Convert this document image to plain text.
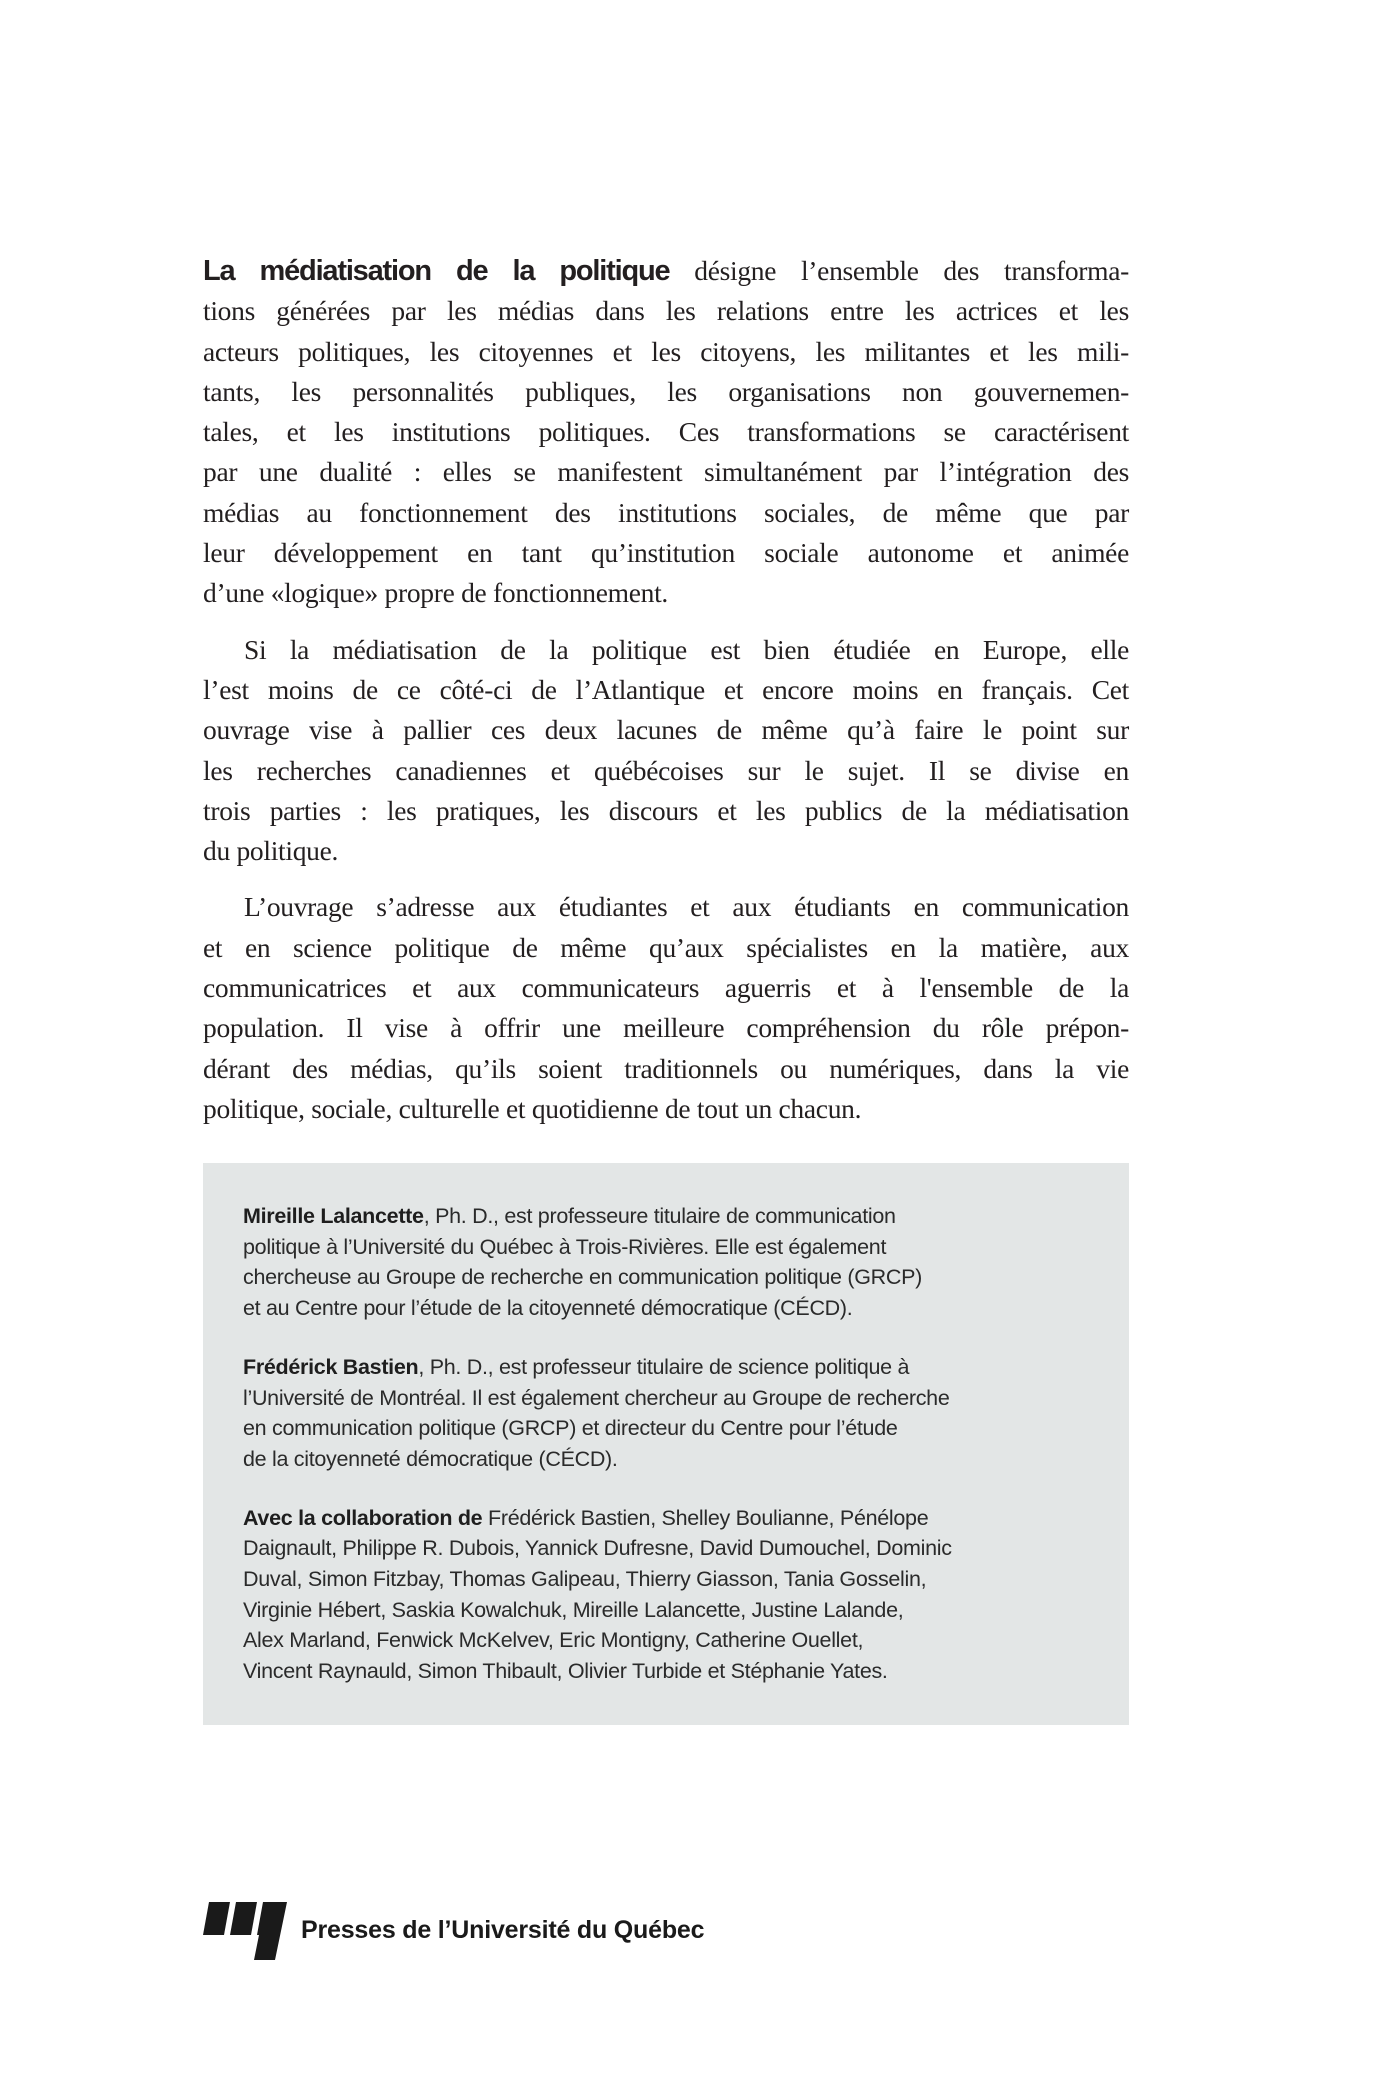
La médiatisation de la politique désigne l’ensemble des transforma-
tions générées par les médias dans les relations entre les actrices et les
acteurs politiques, les citoyennes et les citoyens, les militantes et les mili-
tants, les personnalités publiques, les organisations non gouvernemen-
tales, et les institutions politiques. Ces transformations se caractérisent
par une dualité : elles se manifestent simultanément par l’intégration des
médias au fonctionnement des institutions sociales, de même que par
leur développement en tant qu’institution sociale autonome et animée
d’une «logique» propre de fonctionnement.
Si la médiatisation de la politique est bien étudiée en Europe, elle
l’est moins de ce côté-ci de l’Atlantique et encore moins en français. Cet
ouvrage vise à pallier ces deux lacunes de même qu’à faire le point sur
les recherches canadiennes et québécoises sur le sujet. Il se divise en
trois parties : les pratiques, les discours et les publics de la médiatisation
du politique.
L’ouvrage s’adresse aux étudiantes et aux étudiants en communication
et en science politique de même qu’aux spécialistes en la matière, aux
communicatrices et aux communicateurs aguerris et à l'ensemble de la
population. Il vise à offrir une meilleure compréhension du rôle prépon-
dérant des médias, qu’ils soient traditionnels ou numériques, dans la vie
politique, sociale, culturelle et quotidienne de tout un chacun.
Mireille Lalancette, Ph. D., est professeure titulaire de communication
politique à l’Université du Québec à Trois-Rivières. Elle est également
chercheuse au Groupe de recherche en communication politique (GRCP)
et au Centre pour l’étude de la citoyenneté démocratique (CÉCD).
Frédérick Bastien, Ph. D., est professeur titulaire de science politique à
l’Université de Montréal. Il est également chercheur au Groupe de recherche
en communication politique (GRCP) et directeur du Centre pour l’étude
de la citoyenneté démocratique (CÉCD).
Avec la collaboration de Frédérick Bastien, Shelley Boulianne, Pénélope
Daignault, Philippe R. Dubois, Yannick Dufresne, David Dumouchel, Dominic
Duval, Simon Fitzbay, Thomas Galipeau, Thierry Giasson, Tania Gosselin,
Virginie Hébert, Saskia Kowalchuk, Mireille Lalancette, Justine Lalande,
Alex Marland, Fenwick McKelvev, Eric Montigny, Catherine Ouellet,
Vincent Raynauld, Simon Thibault, Olivier Turbide et Stéphanie Yates.
Presses de l’Université du Québec
